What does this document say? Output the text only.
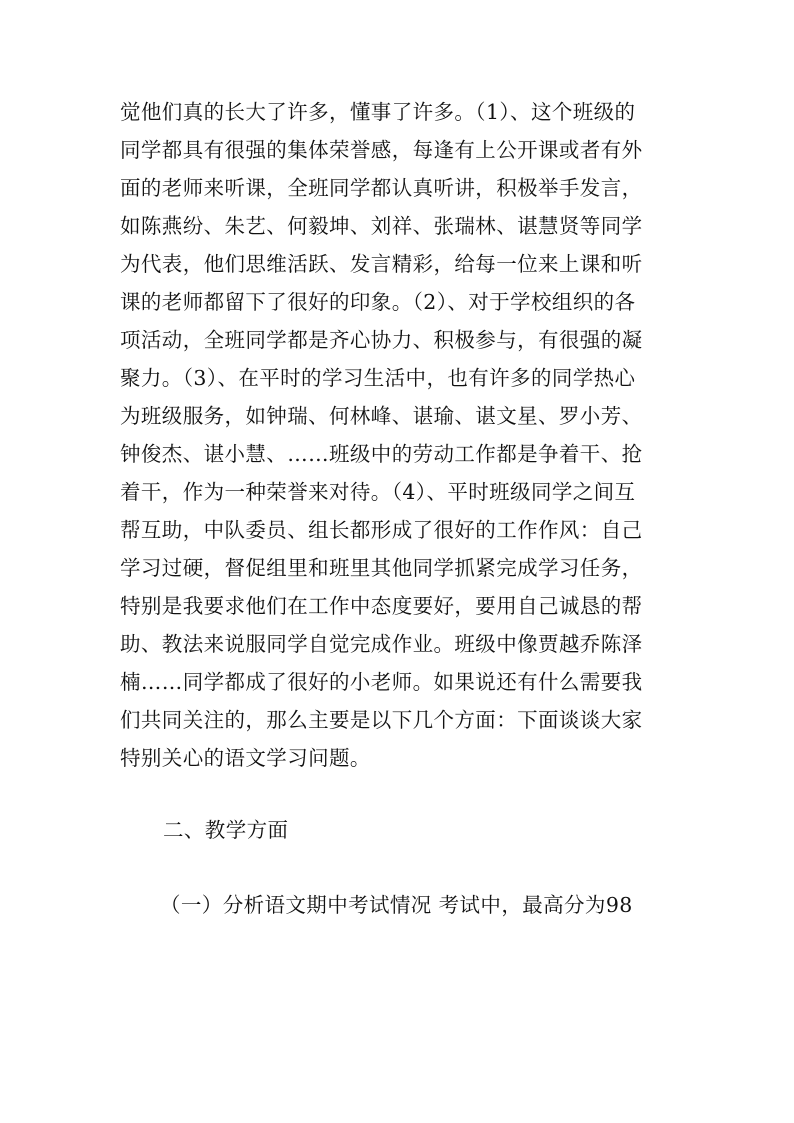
觉他们真的长大了许多，懂事了许多。（1）、这个班级的
同学都具有很强的集体荣誉感，每逢有上公开课或者有外
面的老师来听课，全班同学都认真听讲，积极举手发言，
如陈燕纷、朱艺、何毅坤、刘祥、张瑞林、谌慧贤等同学
为代表，他们思维活跃、发言精彩，给每一位来上课和听
课的老师都留下了很好的印象。（2）、对于学校组织的各
项活动，全班同学都是齐心协力、积极参与，有很强的凝
聚力。（3）、在平时的学习生活中，也有许多的同学热心
为班级服务，如钟瑞、何林峰、谌瑜、谌文星、罗小芳、
钟俊杰、谌小慧、……班级中的劳动工作都是争着干、抢
着干，作为一种荣誉来对待。（4）、平时班级同学之间互
帮互助，中队委员、组长都形成了很好的工作作风：自己
学习过硬，督促组里和班里其他同学抓紧完成学习任务，
特别是我要求他们在工作中态度要好，要用自己诚恳的帮
助、教法来说服同学自觉完成作业。班级中像贾越乔陈泽
楠……同学都成了很好的小老师。如果说还有什么需要我
们共同关注的，那么主要是以下几个方面：下面谈谈大家
特别关心的语文学习问题。
二、教学方面
（一）分析语文期中考试情况 考试中，最高分为98
